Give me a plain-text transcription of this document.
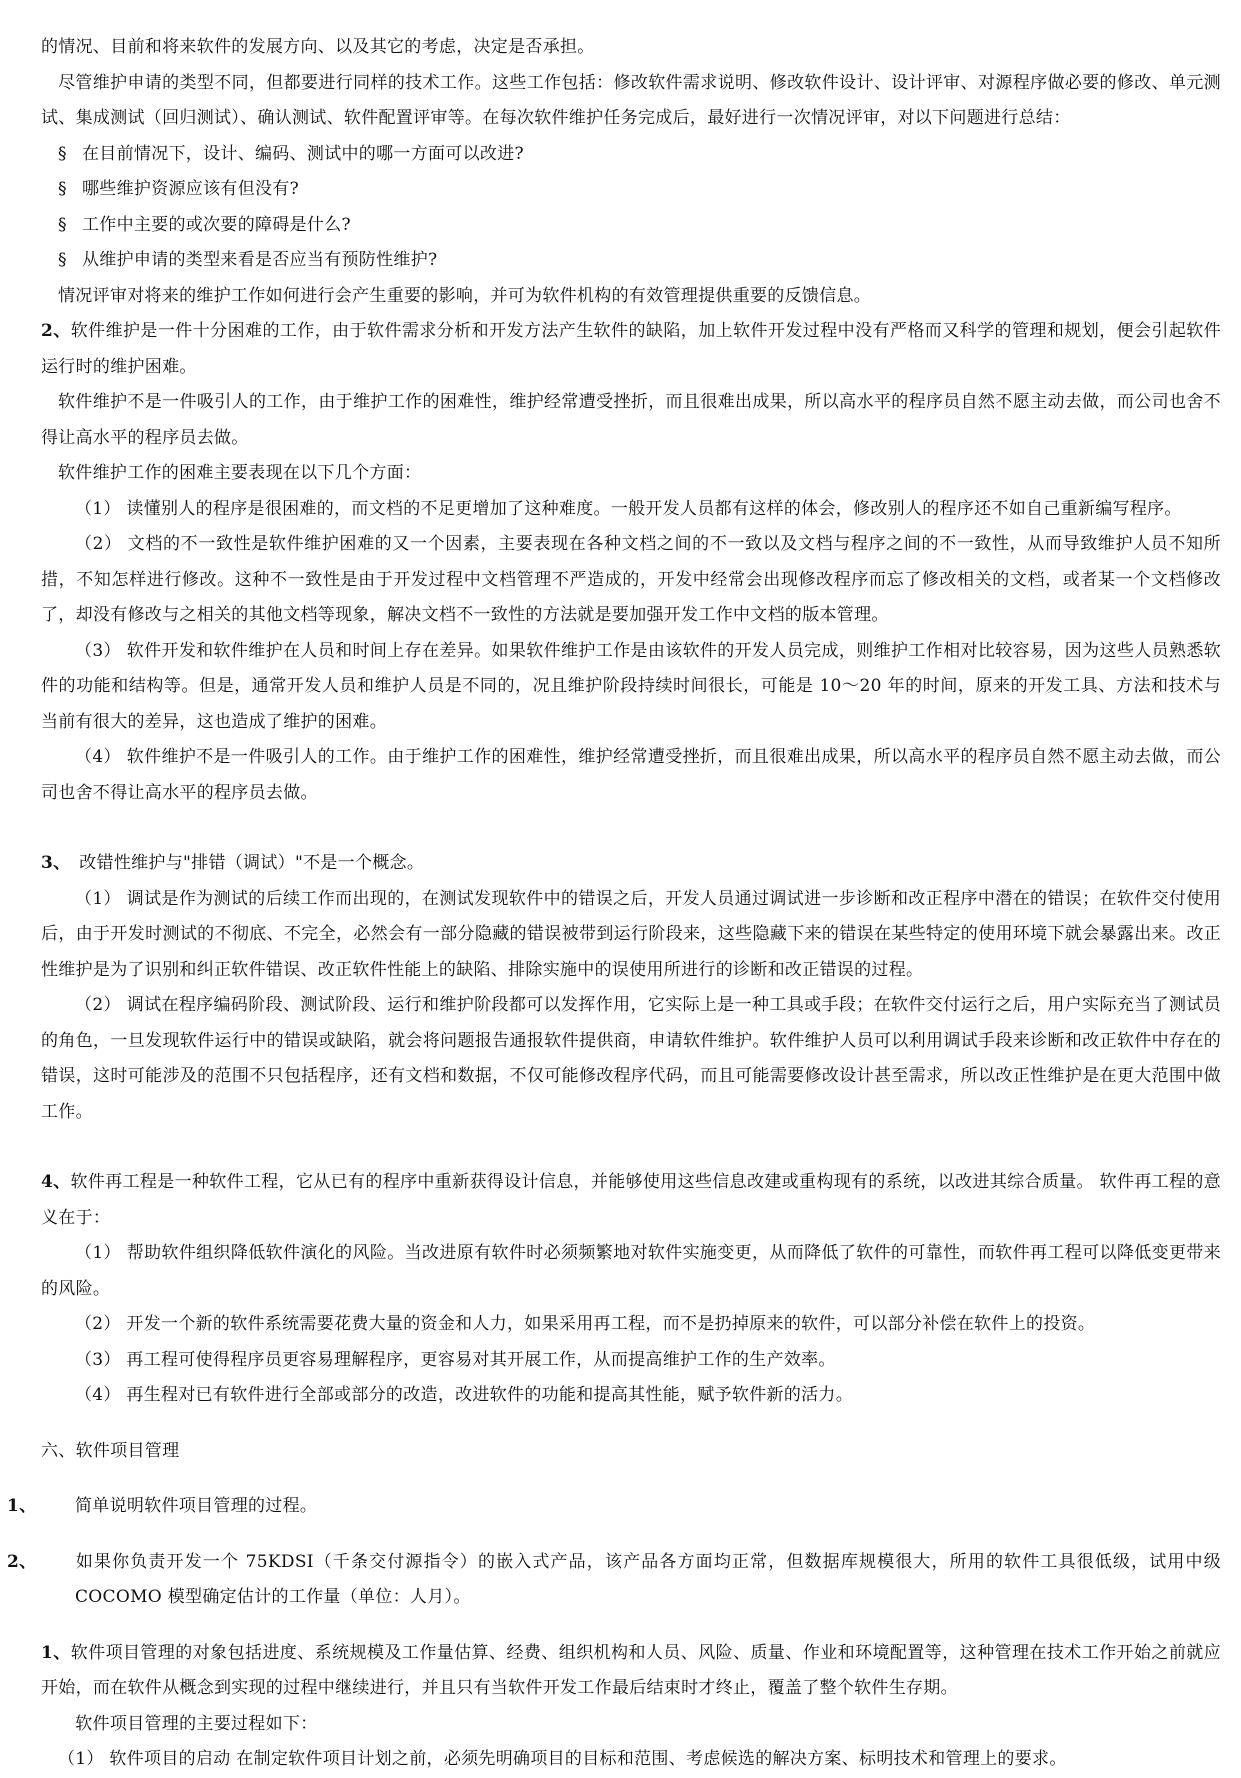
的情况、目前和将来软件的发展方向、以及其它的考虑，决定是否承担。

尽管维护申请的类型不同，但都要进行同样的技术工作。这些工作包括：修改软件需求说明、修改软件设计、设计评审、对源程序做必要的修改、单元测试、集成测试（回归测试）、确认测试、软件配置评审等。在每次软件维护任务完成后，最好进行一次情况评审，对以下问题进行总结：

§ 在目前情况下，设计、编码、测试中的哪一方面可以改进?

§ 哪些维护资源应该有但没有?

§ 工作中主要的或次要的障碍是什么?

§ 从维护申请的类型来看是否应当有预防性维护?

情况评审对将来的维护工作如何进行会产生重要的影响，并可为软件机构的有效管理提供重要的反馈信息。

2、软件维护是一件十分困难的工作，由于软件需求分析和开发方法产生软件的缺陷，加上软件开发过程中没有严格而又科学的管理和规划，便会引起软件运行时的维护困难。

软件维护不是一件吸引人的工作，由于维护工作的困难性，维护经常遭受挫折，而且很难出成果，所以高水平的程序员自然不愿主动去做，而公司也舍不得让高水平的程序员去做。

软件维护工作的困难主要表现在以下几个方面：

（1） 读懂别人的程序是很困难的，而文档的不足更增加了这种难度。一般开发人员都有这样的体会，修改别人的程序还不如自己重新编写程序。

（2） 文档的不一致性是软件维护困难的又一个因素，主要表现在各种文档之间的不一致以及文档与程序之间的不一致性，从而导致维护人员不知所措，不知怎样进行修改。这种不一致性是由于开发过程中文档管理不严造成的，开发中经常会出现修改程序而忘了修改相关的文档，或者某一个文档修改了，却没有修改与之相关的其他文档等现象，解决文档不一致性的方法就是要加强开发工作中文档的版本管理。

（3） 软件开发和软件维护在人员和时间上存在差异。如果软件维护工作是由该软件的开发人员完成，则维护工作相对比较容易，因为这些人员熟悉软件的功能和结构等。但是，通常开发人员和维护人员是不同的，况且维护阶段持续时间很长，可能是 10～20 年的时间，原来的开发工具、方法和技术与当前有很大的差异，这也造成了维护的困难。

（4） 软件维护不是一件吸引人的工作。由于维护工作的困难性，维护经常遭受挫折，而且很难出成果，所以高水平的程序员自然不愿主动去做，而公司也舍不得让高水平的程序员去做。

3、　改错性维护与"排错（调试）"不是一个概念。

（1） 调试是作为测试的后续工作而出现的，在测试发现软件中的错误之后，开发人员通过调试进一步诊断和改正程序中潜在的错误；在软件交付使用后，由于开发时测试的不彻底、不完全，必然会有一部分隐藏的错误被带到运行阶段来，这些隐藏下来的错误在某些特定的使用环境下就会暴露出来。改正性维护是为了识别和纠正软件错误、改正软件性能上的缺陷、排除实施中的误使用所进行的诊断和改正错误的过程。

（2） 调试在程序编码阶段、测试阶段、运行和维护阶段都可以发挥作用，它实际上是一种工具或手段；在软件交付运行之后，用户实际充当了测试员的角色，一旦发现软件运行中的错误或缺陷，就会将问题报告通报软件提供商，申请软件维护。软件维护人员可以利用调试手段来诊断和改正软件中存在的错误，这时可能涉及的范围不只包括程序，还有文档和数据，不仅可能修改程序代码，而且可能需要修改设计甚至需求，所以改正性维护是在更大范围中做工作。

4、软件再工程是一种软件工程，它从已有的程序中重新获得设计信息，并能够使用这些信息改建或重构现有的系统，以改进其综合质量。 软件再工程的意义在于：

（1） 帮助软件组织降低软件演化的风险。当改进原有软件时必须频繁地对软件实施变更，从而降低了软件的可靠性，而软件再工程可以降低变更带来的风险。

（2） 开发一个新的软件系统需要花费大量的资金和人力，如果采用再工程，而不是扔掉原来的软件，可以部分补偿在软件上的投资。

（3） 再工程可使得程序员更容易理解程序，更容易对其开展工作，从而提高维护工作的生产效率。

（4） 再生程对已有软件进行全部或部分的改造，改进软件的功能和提高其性能，赋予软件新的活力。

六、软件项目管理

1、 简单说明软件项目管理的过程。

2、 如果你负责开发一个 75KDSI（千条交付源指令）的嵌入式产品，该产品各方面均正常，但数据库规模很大，所用的软件工具很低级，试用中级 COCOMO 模型确定估计的工作量（单位：人月）。

1、软件项目管理的对象包括进度、系统规模及工作量估算、经费、组织机构和人员、风险、质量、作业和环境配置等，这种管理在技术工作开始之前就应开始，而在软件从概念到实现的过程中继续进行，并且只有当软件开发工作最后结束时才终止，覆盖了整个软件生存期。

　软件项目管理的主要过程如下：

（1） 软件项目的启动 在制定软件项目计划之前，必须先明确项目的目标和范围、考虑候选的解决方案、标明技术和管理上的要求。
